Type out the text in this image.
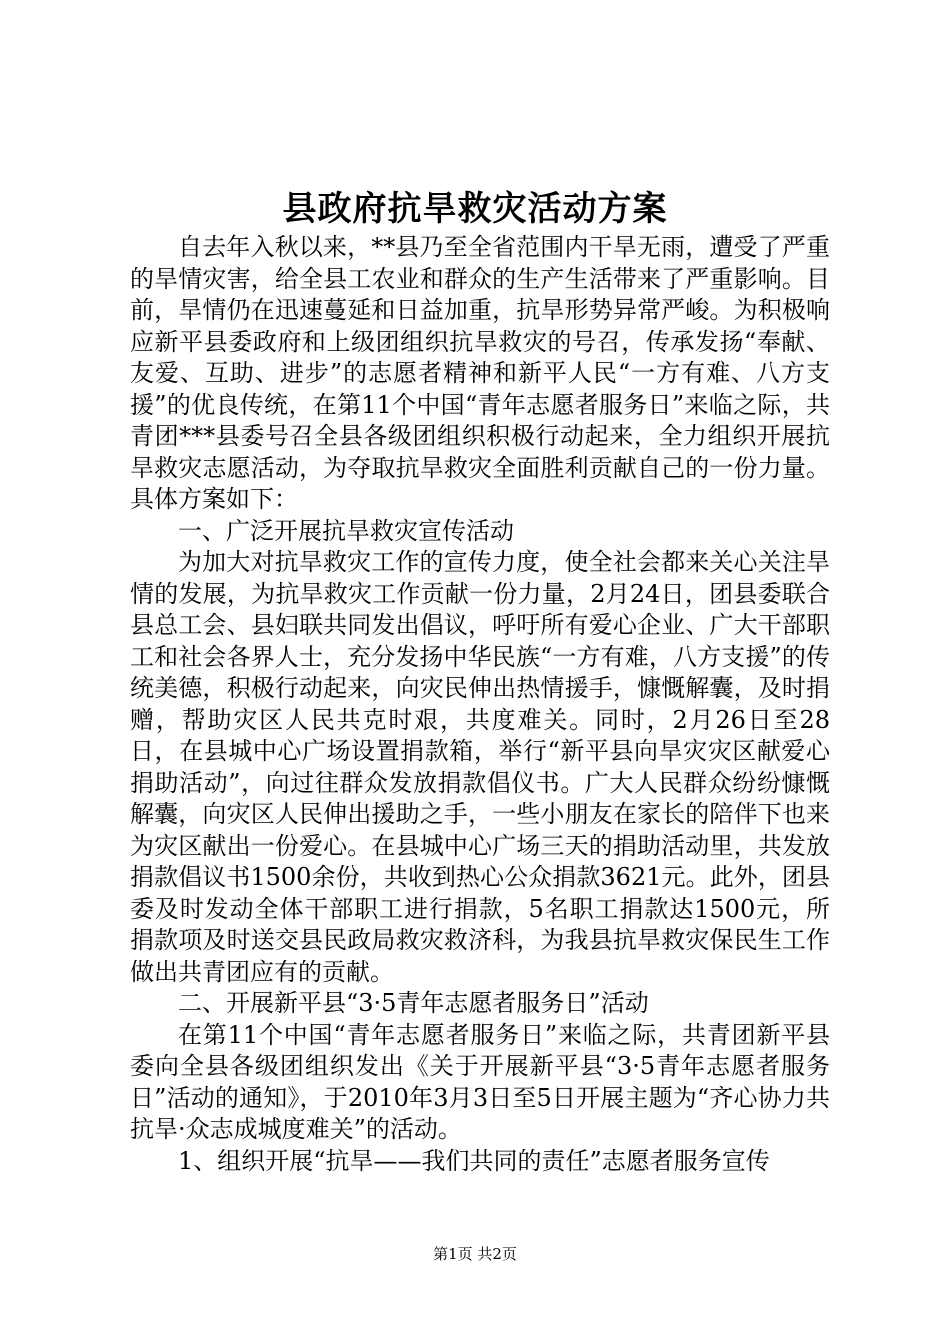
县政府抗旱救灾活动方案

自去年入秋以来，**县乃至全省范围内干旱无雨，遭受了严重的旱情灾害，给全县工农业和群众的生产生活带来了严重影响。目前，旱情仍在迅速蔓延和日益加重，抗旱形势异常严峻。为积极响应新平县委政府和上级团组织抗旱救灾的号召，传承发扬“奉献、友爱、互助、进步”的志愿者精神和新平人民“一方有难、八方支援”的优良传统，在第11个中国“青年志愿者服务日”来临之际，共青团***县委号召全县各级团组织积极行动起来，全力组织开展抗旱救灾志愿活动，为夺取抗旱救灾全面胜利贡献自己的一份力量。具体方案如下：

一、广泛开展抗旱救灾宣传活动

为加大对抗旱救灾工作的宣传力度，使全社会都来关心关注旱情的发展，为抗旱救灾工作贡献一份力量，2月24日，团县委联合县总工会、县妇联共同发出倡议，呼吁所有爱心企业、广大干部职工和社会各界人士，充分发扬中华民族“一方有难，八方支援”的传统美德，积极行动起来，向灾民伸出热情援手，慷慨解囊，及时捐赠，帮助灾区人民共克时艰，共度难关。同时，2月26日至28日，在县城中心广场设置捐款箱，举行“新平县向旱灾灾区献爱心捐助活动”，向过往群众发放捐款倡仪书。广大人民群众纷纷慷慨解囊，向灾区人民伸出援助之手，一些小朋友在家长的陪伴下也来为灾区献出一份爱心。在县城中心广场三天的捐助活动里，共发放捐款倡议书1500余份，共收到热心公众捐款3621元。此外，团县委及时发动全体干部职工进行捐款，5名职工捐款达1500元，所捐款项及时送交县民政局救灾救济科，为我县抗旱救灾保民生工作做出共青团应有的贡献。

二、开展新平县“3·5青年志愿者服务日”活动

在第11个中国“青年志愿者服务日”来临之际，共青团新平县委向全县各级团组织发出《关于开展新平县“3·5青年志愿者服务日”活动的通知》，于2010年3月3日至5日开展主题为“齐心协力共抗旱·众志成城度难关”的活动。

1、组织开展“抗旱——我们共同的责任”志愿者服务宣传

第1页 共2页
